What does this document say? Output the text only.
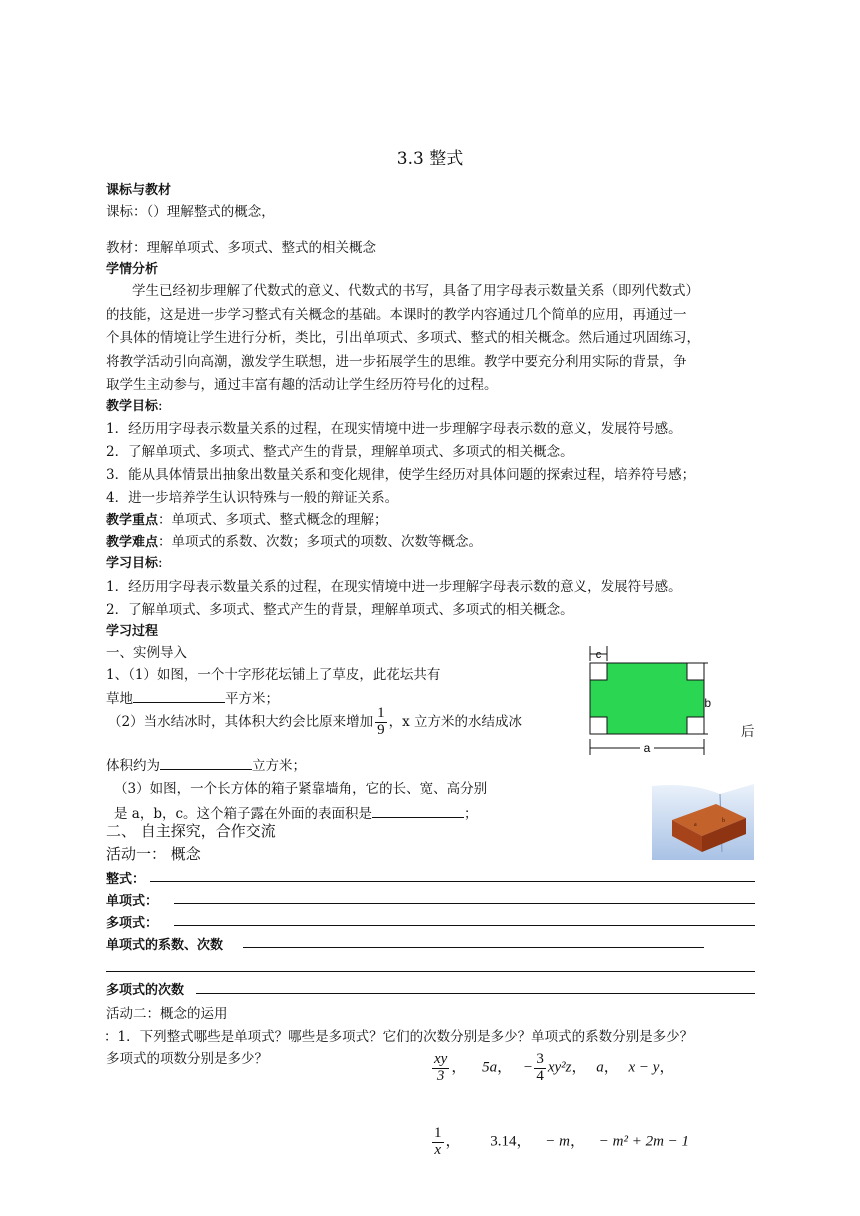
3.3 整式
课标与教材
课标：（）理解整式的概念，
教材：理解单项式、多项式、整式的相关概念
学情分析
学生已经初步理解了代数式的意义、代数式的书写，具备了用字母表示数量关系（即列代数式）
的技能，这是进一步学习整式有关概念的基础。本课时的教学内容通过几个简单的应用，再通过一
个具体的情境让学生进行分析，类比，引出单项式、多项式、整式的相关概念。然后通过巩固练习，
将教学活动引向高潮，激发学生联想，进一步拓展学生的思维。教学中要充分利用实际的背景，争
取学生主动参与，通过丰富有趣的活动让学生经历符号化的过程。
教学目标:
1．经历用字母表示数量关系的过程，在现实情境中进一步理解字母表示数的意义，发展符号感。
2．了解单项式、多项式、整式产生的背景，理解单项式、多项式的相关概念。
3．能从具体情景出抽象出数量关系和变化规律，使学生经历对具体问题的探索过程，培养符号感；
4．进一步培养学生认识特殊与一般的辩证关系。
教学重点：单项式、多项式、整式概念的理解；
教学难点：单项式的系数、次数；多项式的项数、次数等概念。
学习目标:
1．经历用字母表示数量关系的过程，在现实情境中进一步理解字母表示数的意义，发展符号感。
2．了解单项式、多项式、整式产生的背景，理解单项式、多项式的相关概念。
学习过程
一、实例导入
1、（1）如图，一个十字形花坛铺上了草皮，此花坛共有
草地	平方米；
（2）当水结冰时，其体积大约会比原来增加 $\frac{1}{9}$ ，x 立方米的水结成冰
后
体积约为	立方米；
（3）如图，一个长方体的箱子紧靠墙角，它的长、宽、高分别
是 a，b，c。这个箱子露在外面的表面积是	；
c
b
a
a
b
二、 自主探究，合作交流
活动一： 概念
整式：
单项式：
多项式：
单项式的系数、次数
多项式的次数
活动二：概念的运用
：1．下列整式哪些是单项式？哪些是多项式？它们的次数分别是多少？单项式的系数分别是多少？
多项式的项数分别是多少？	$\frac{xy}{3}$ ， 5a， − $\frac{3}{4} xy^2z$， a， x − y，
$\frac{1}{x}$ ， 3.14， − m， − m² + 2m − 1
